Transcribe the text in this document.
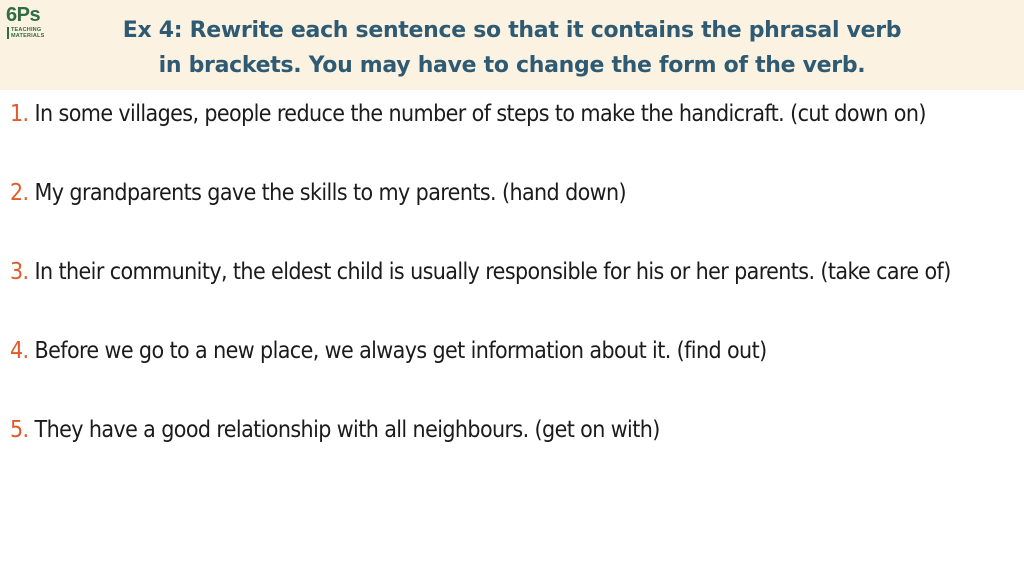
6Ps
TEACHING
MATERIALS	Ex 4: Rewrite each sentence so that it contains the phrasal verb
in brackets. You may have to change the form of the verb.
1. In some villages, people reduce the number of steps to make the handicraft. (cut down on)
2. My grandparents gave the skills to my parents. (hand down)
3. In their community, the eldest child is usually responsible for his or her parents. (take care of)
4. Before we go to a new place, we always get information about it. (find out)
5. They have a good relationship with all neighbours. (get on with)
